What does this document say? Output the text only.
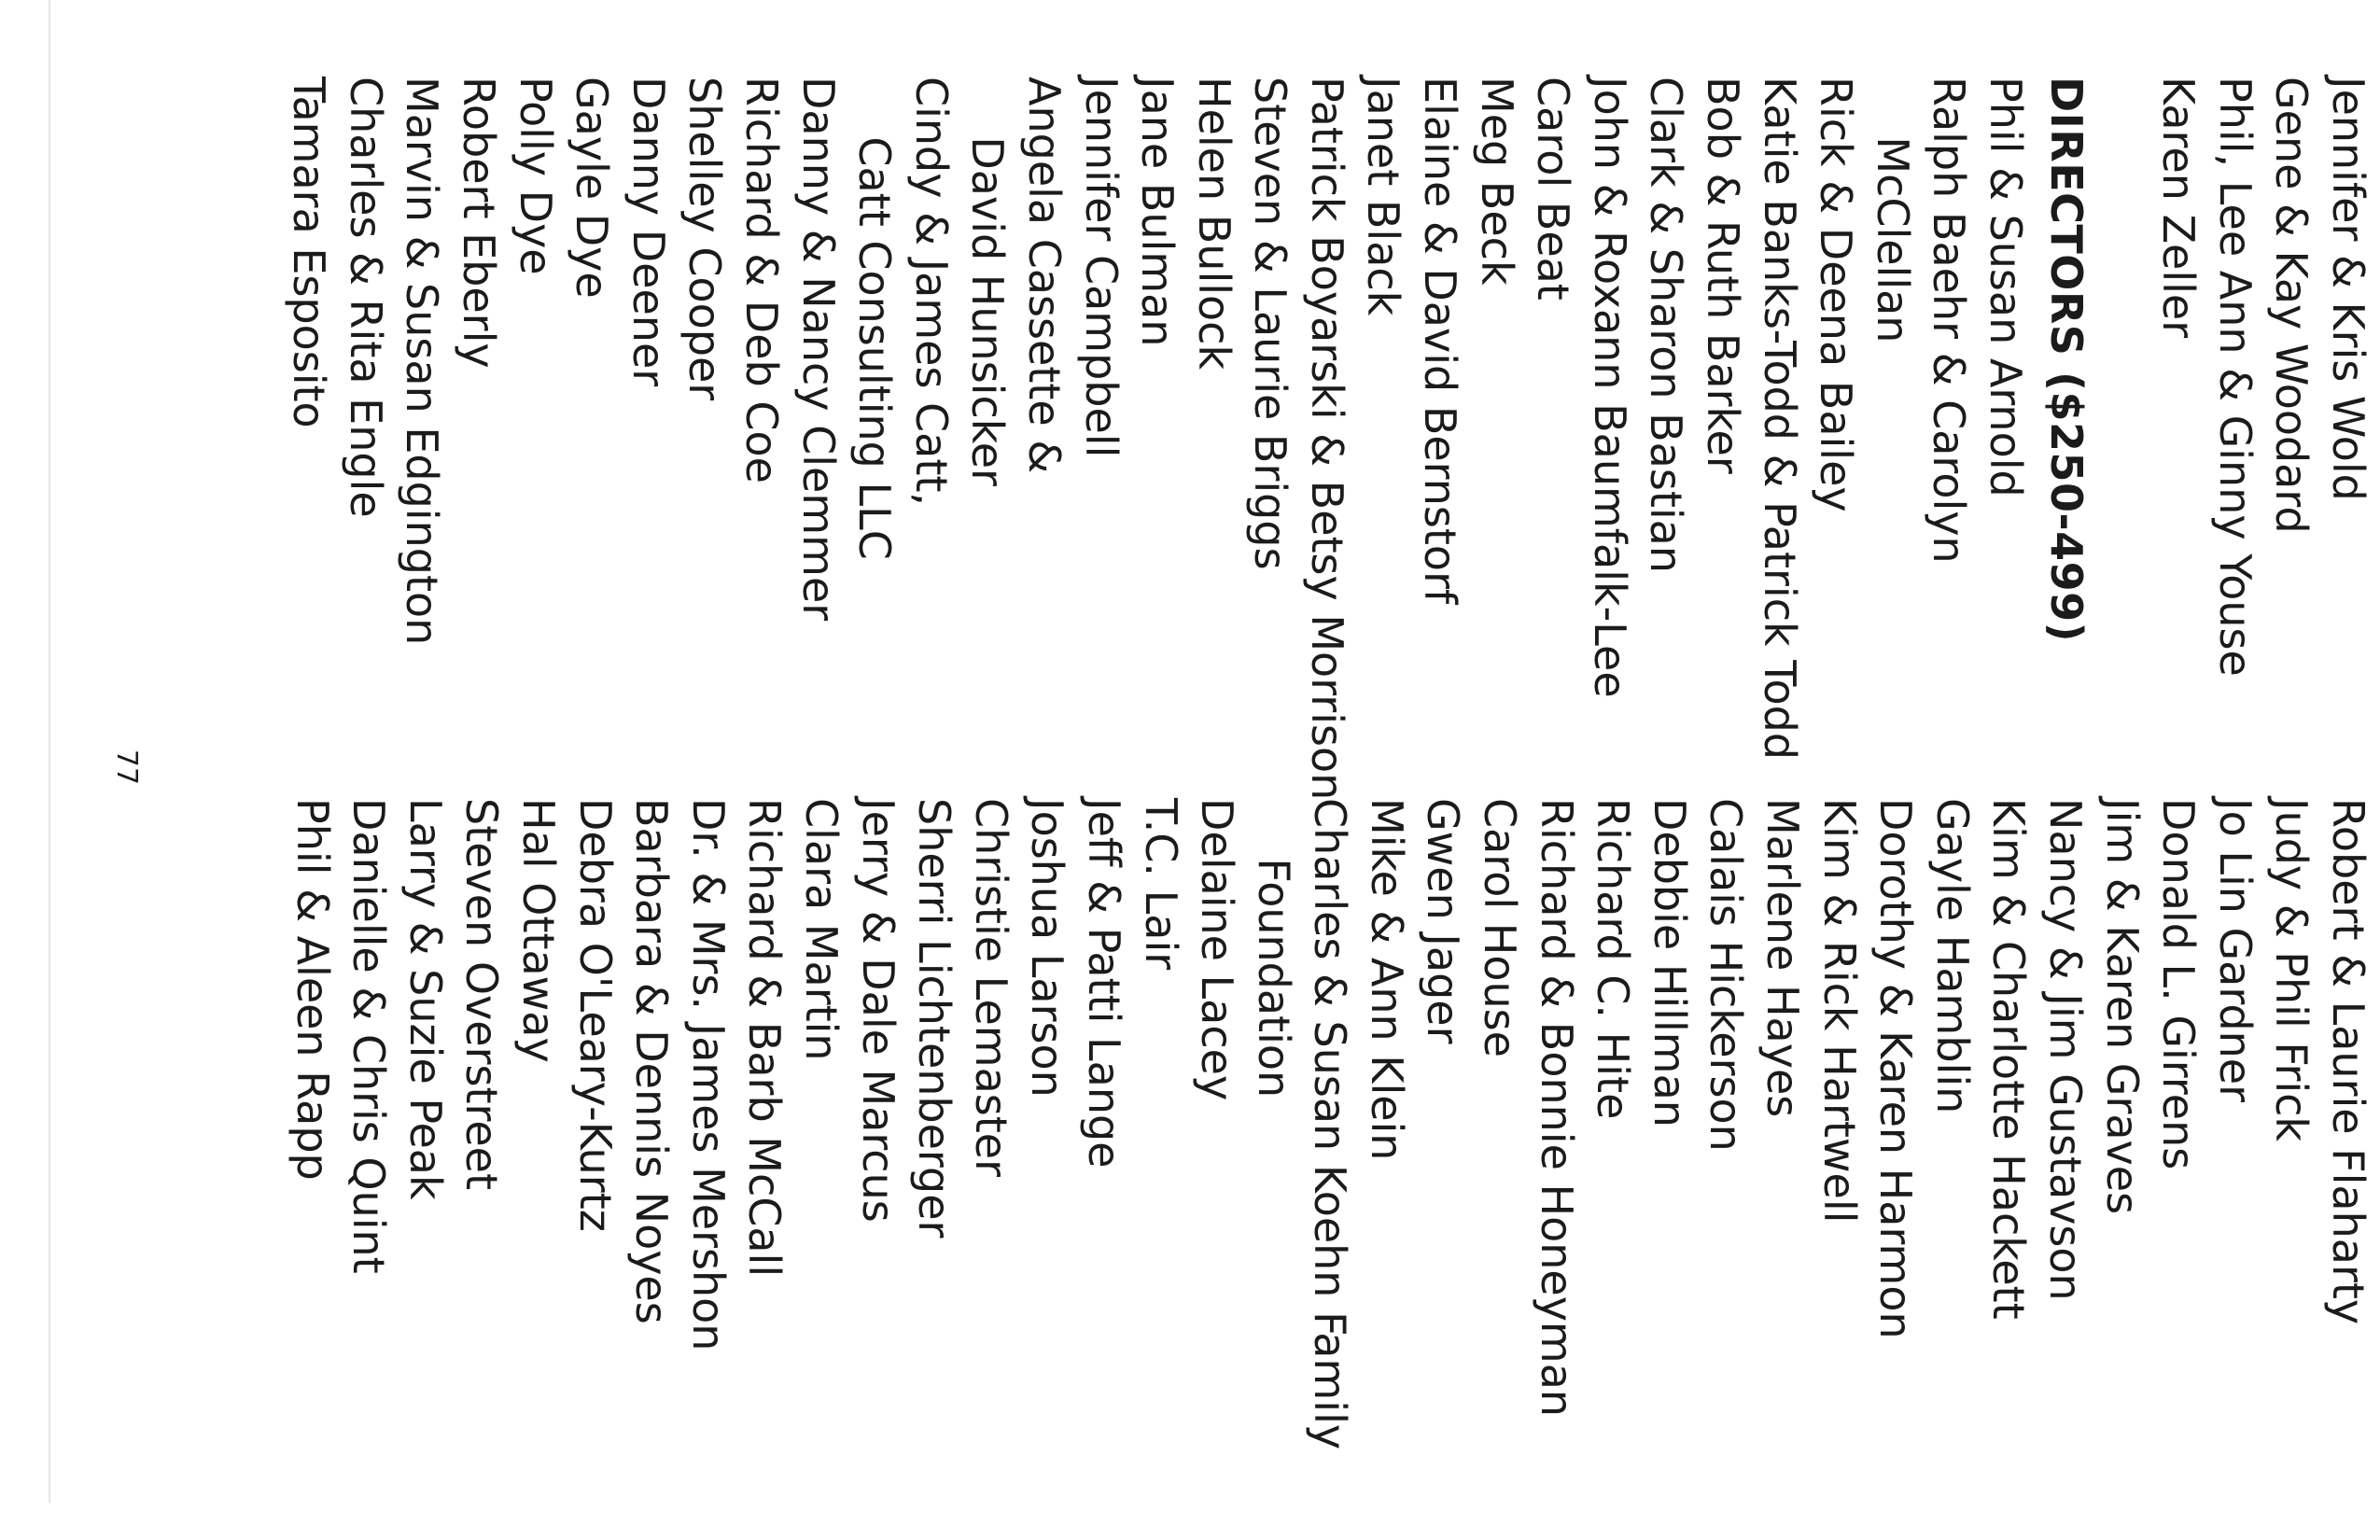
Jennifer & Kris Wold
Gene & Kay Woodard
Phil, Lee Ann & Ginny Youse
Karen Zeller
DIRECTORS ($250-499)
Phil & Susan Arnold
Ralph Baehr & Carolyn
McClellan
Rick & Deena Bailey
Katie Banks-Todd & Patrick Todd
Bob & Ruth Barker
Clark & Sharon Bastian
John & Roxann Baumfalk-Lee
Carol Beat
Meg Beck
Elaine & David Bernstorf
Janet Black
Patrick Boyarski & Betsy Morrison
Steven & Laurie Briggs
Helen Bullock
Jane Bulman
Jennifer Campbell
Angela Cassette &
David Hunsicker
Cindy & James Catt,
Catt Consulting LLC
Danny & Nancy Clemmer
Richard & Deb Coe
Shelley Cooper
Danny Deener
Gayle Dye
Polly Dye
Robert Eberly
Marvin & Susan Edgington
Charles & Rita Engle
Tamara Esposito
Robert & Laurie Flaharty
Judy & Phil Frick
Jo Lin Gardner
Donald L. Girrens
Jim & Karen Graves
Nancy & Jim Gustavson
Kim & Charlotte Hackett
Gayle Hamblin
Dorothy & Karen Harmon
Kim & Rick Hartwell
Marlene Hayes
Calais Hickerson
Debbie Hillman
Richard C. Hite
Richard & Bonnie Honeyman
Carol House
Gwen Jager
Mike & Ann Klein
Charles & Susan Koehn Family
Foundation
Delaine Lacey
T.C. Lair
Jeff & Patti Lange
Joshua Larson
Christie Lemaster
Sherri Lichtenberger
Jerry & Dale Marcus
Clara Martin
Richard & Barb McCall
Dr. & Mrs. James Mershon
Barbara & Dennis Noyes
Debra O'Leary-Kurtz
Hal Ottaway
Steven Overstreet
Larry & Suzie Peak
Danielle & Chris Quint
Phil & Aleen Rapp
77
